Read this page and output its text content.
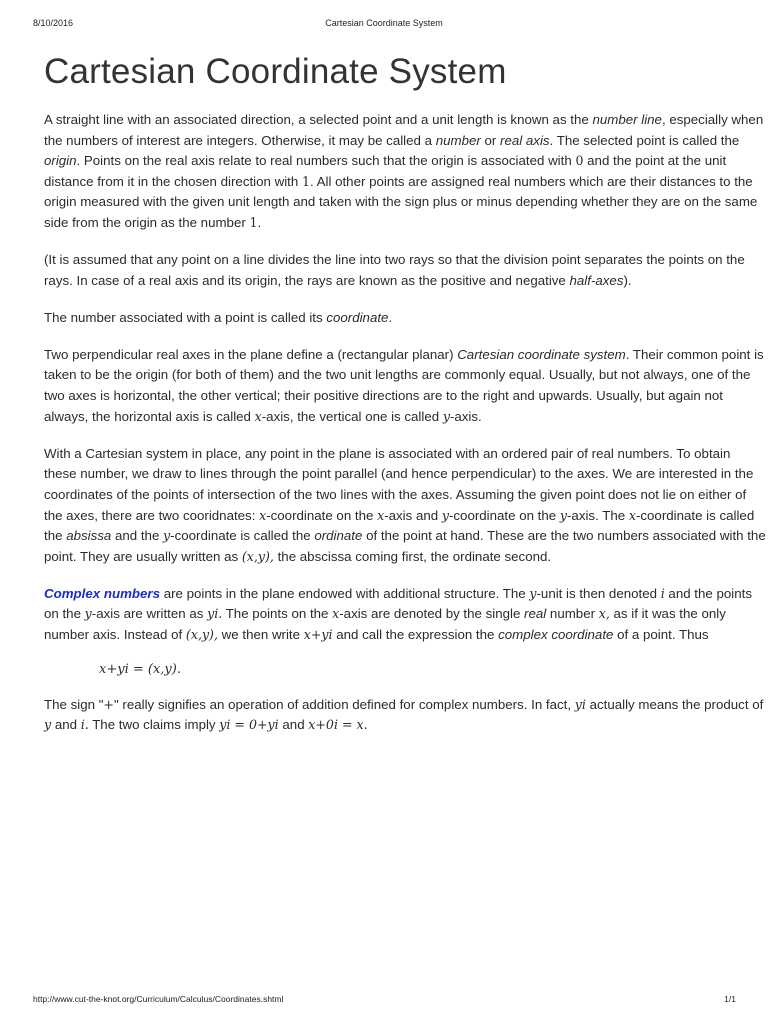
8/10/2016	Cartesian Coordinate System
Cartesian Coordinate System

A straight line with an associated direction, a selected point and a unit length is known as the number line, especially when the numbers of interest are integers. Otherwise, it may be called a number or real axis. The selected point is called the origin. Points on the real axis relate to real numbers such that the origin is associated with 0 and the point at the unit distance from it in the chosen direction with 1. All other points are assigned real numbers which are their distances to the origin measured with the given unit length and taken with the sign plus or minus depending whether they are on the same side from the origin as the number 1.

(It is assumed that any point on a line divides the line into two rays so that the division point separates the points on the rays. In case of a real axis and its origin, the rays are known as the positive and negative half-axes).

The number associated with a point is called its coordinate.

Two perpendicular real axes in the plane define a (rectangular planar) Cartesian coordinate system. Their common point is taken to be the origin (for both of them) and the two unit lengths are commonly equal. Usually, but not always, one of the two axes is horizontal, the other vertical; their positive directions are to the right and upwards. Usually, but again not always, the horizontal axis is called x-axis, the vertical one is called y-axis.

With a Cartesian system in place, any point in the plane is associated with an ordered pair of real numbers. To obtain these number, we draw to lines through the point parallel (and hence perpendicular) to the axes. We are interested in the coordinates of the points of intersection of the two lines with the axes. Assuming the given point does not lie on either of the axes, there are two cooridnates: x-coordinate on the x-axis and y-coordinate on the y-axis. The x-coordinate is called the absissa and the y-coordinate is called the ordinate of the point at hand. These are the two numbers associated with the point. They are usually written as (x,y), the abscissa coming first, the ordinate second.

Complex numbers are points in the plane endowed with additional structure. The y-unit is then denoted i and the points on the y-axis are written as yi. The points on the x-axis are denoted by the single real number x, as if it was the only number axis. Instead of (x,y), we then write x+yi and call the expression the complex coordinate of a point. Thus

x+yi = (x,y).

The sign "+" really signifies an operation of addition defined for complex numbers. In fact, yi actually means the product of y and i. The two claims imply yi = 0+yi and x+0i = x.

http://www.cut-the-knot.org/Curriculum/Calculus/Coordinates.shtml	1/1
